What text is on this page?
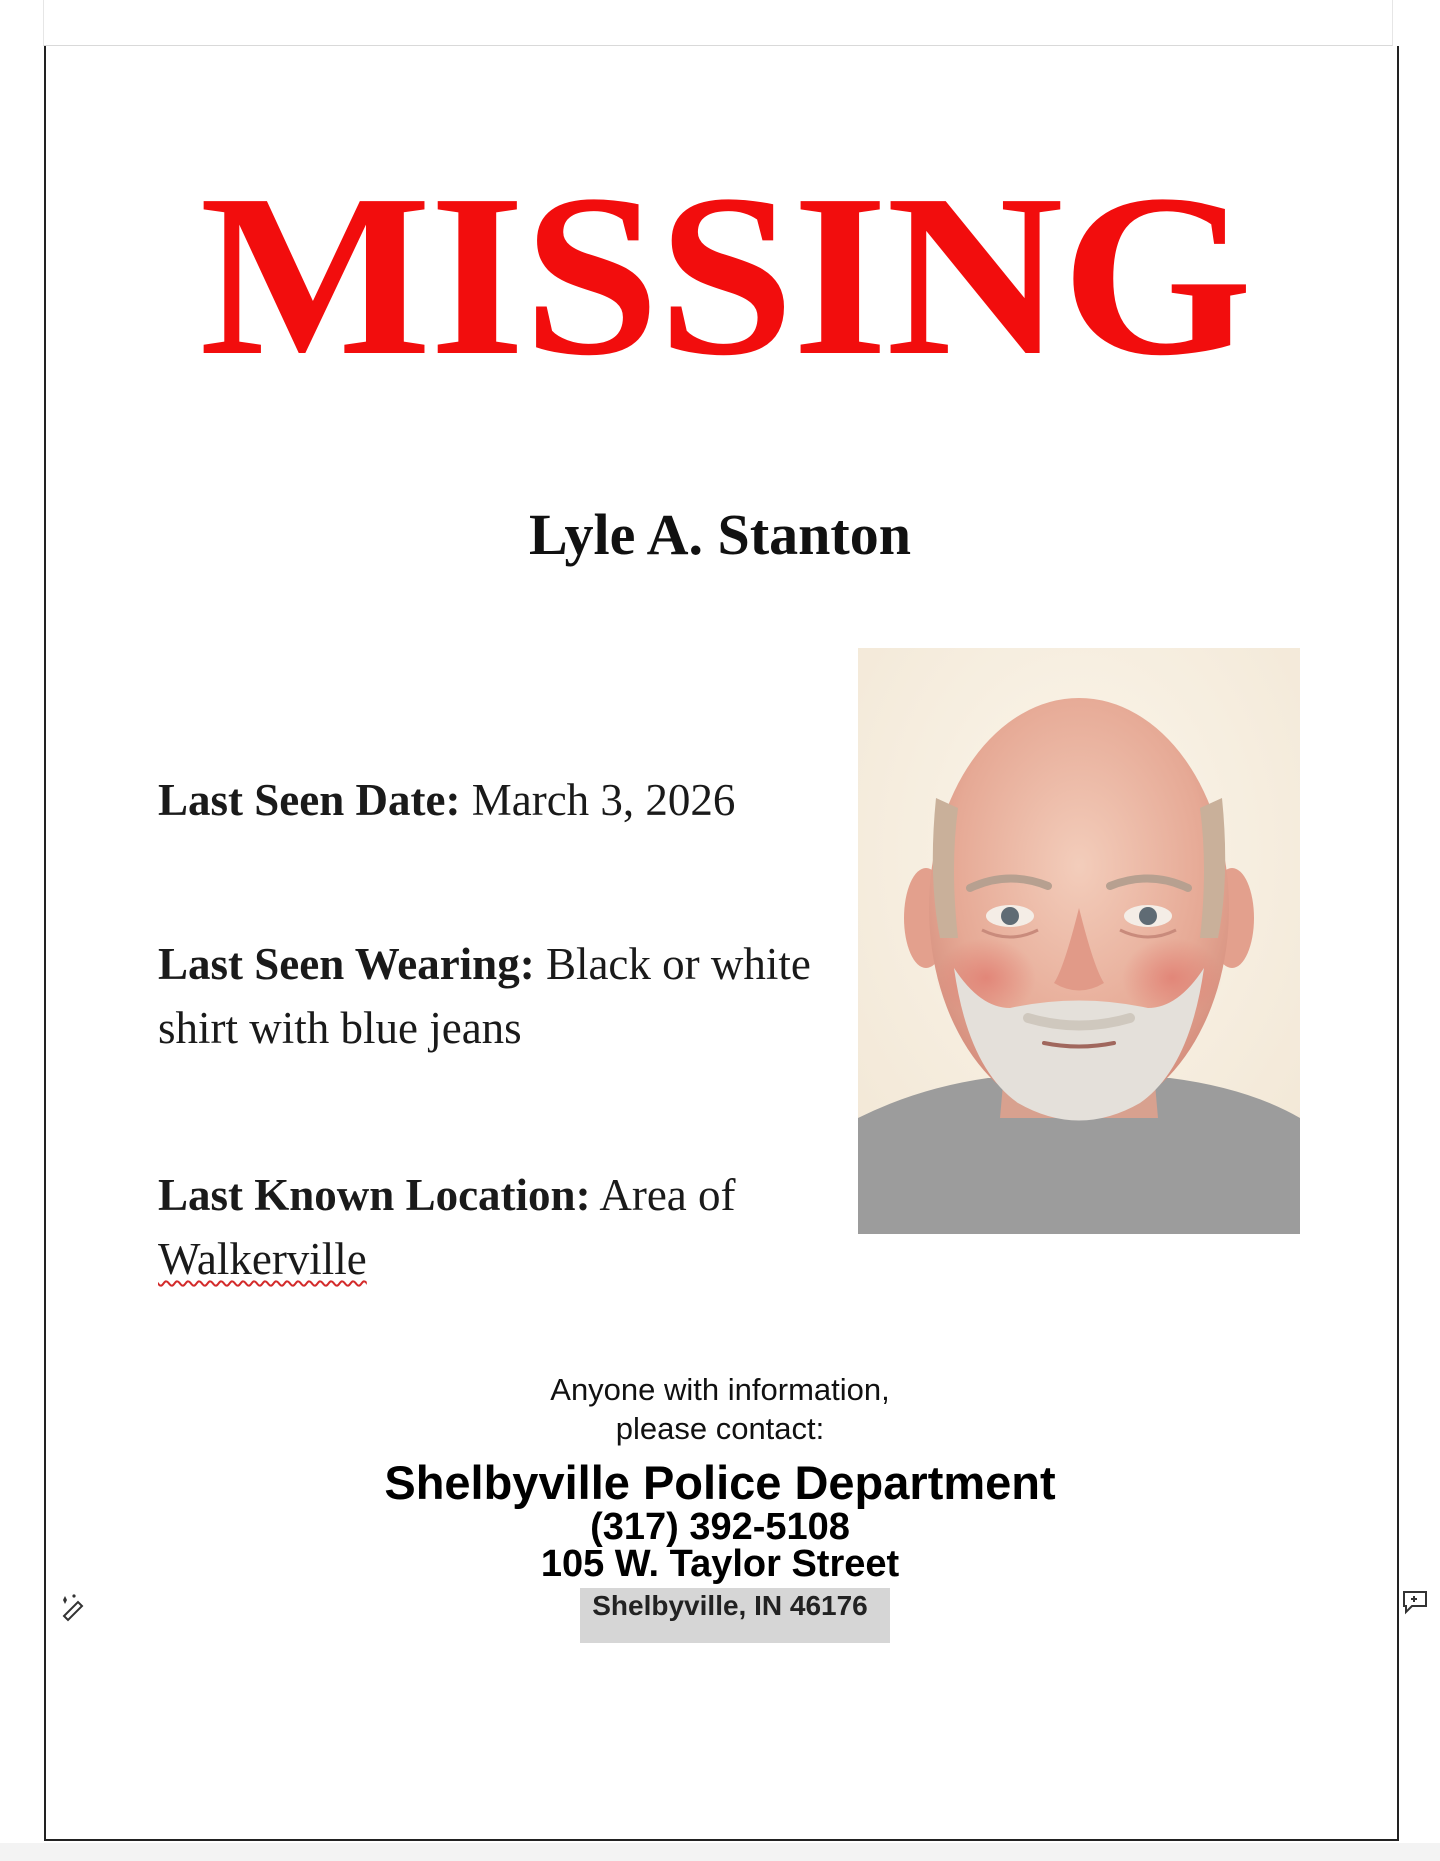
MISSING
Lyle A. Stanton
Last Seen Date: March 3, 2026
Last Seen Wearing: Black or white shirt with blue jeans
Last Known Location: Area of Walkerville
Anyone with information,
please contact:
Shelbyville Police Department
(317) 392-5108
105 W. Taylor Street
Shelbyville, IN 46176
